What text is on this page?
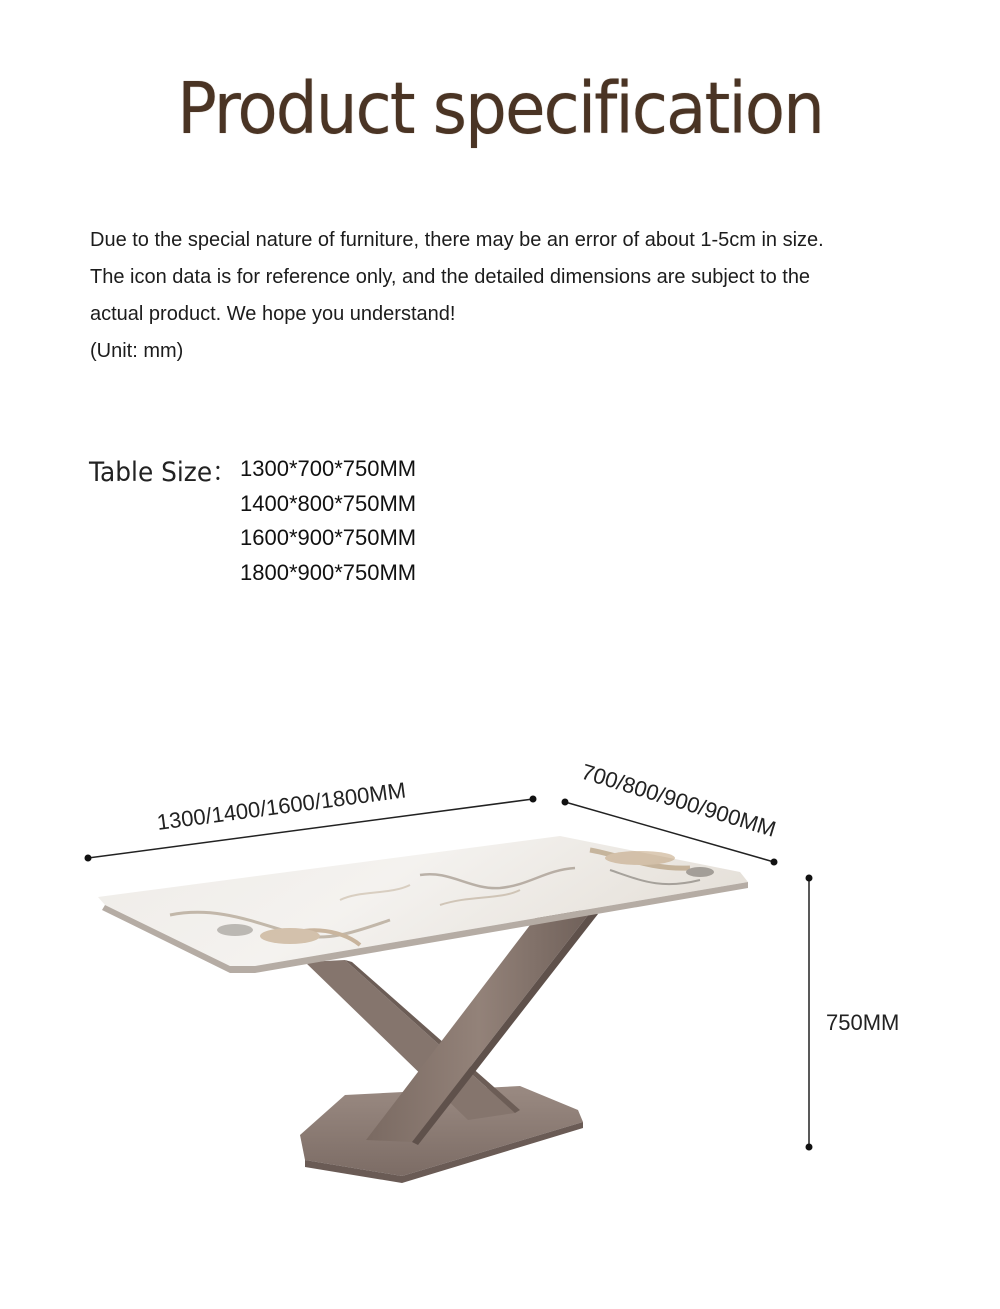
Product specification
Due to the special nature of furniture, there may be an error of about 1-5cm in size.
The icon data is for reference only, and the detailed dimensions are subject to the
actual product. We hope you understand!
(Unit: mm)
Table Size： 1300*700*750MM
1400*800*750MM
1600*900*750MM
1800*900*750MM
1300/1400/1600/1800MM	700/800/900/900MM
750MM
